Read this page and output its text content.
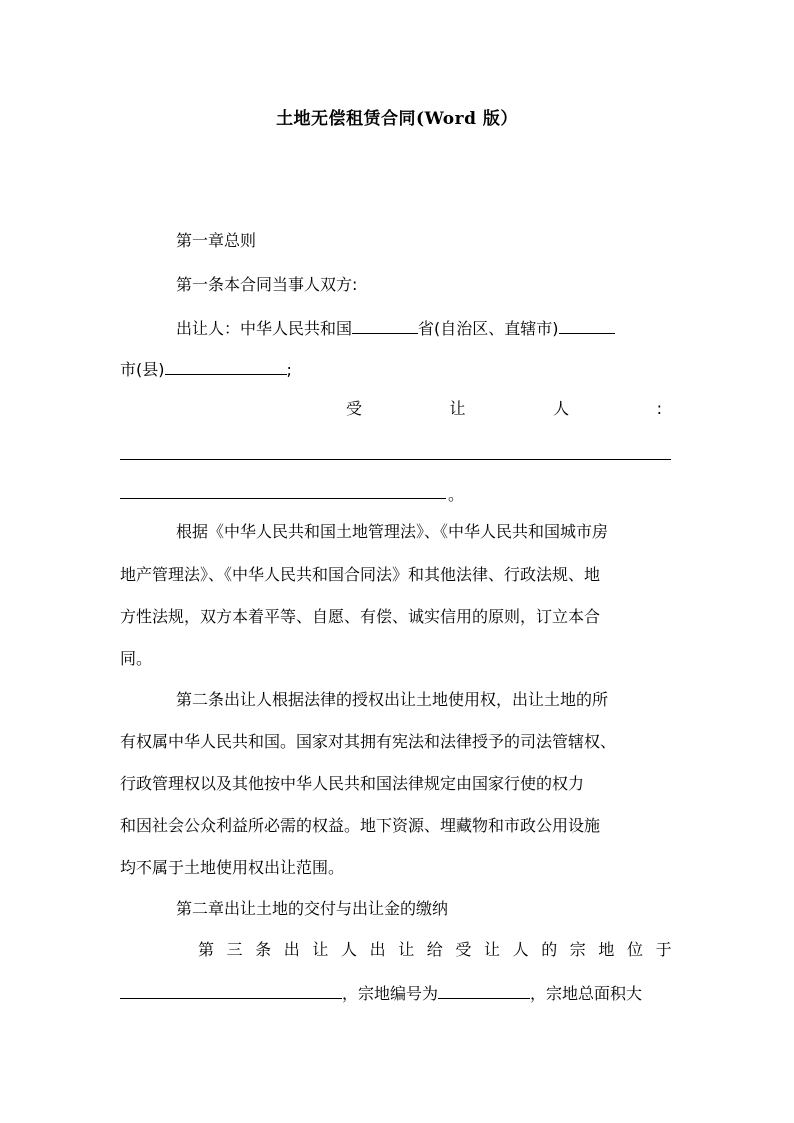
土地无偿租赁合同(Word 版）
第一章总则
第一条本合同当事人双方:
出让人：中华人民共和国	省(自治区、直辖市)
市(县)	;
受	让	人	:
。
根据《中华人民共和国土地管理法》、《中华人民共和国城市房
地产管理法》、《中华人民共和国合同法》和其他法律、行政法规、地
方性法规，双方本着平等、自愿、有偿、诚实信用的原则，订立本合
同。
第二条出让人根据法律的授权出让土地使用权，出让土地的所
有权属中华人民共和国。国家对其拥有宪法和法律授予的司法管辖权、
行政管理权以及其他按中华人民共和国法律规定由国家行使的权力
和因社会公众利益所必需的权益。地下资源、埋藏物和市政公用设施
均不属于土地使用权出让范围。
第二章出让土地的交付与出让金的缴纳
第三条出让人出让给受让人的宗地位于
，宗地编号为	，宗地总面积大
